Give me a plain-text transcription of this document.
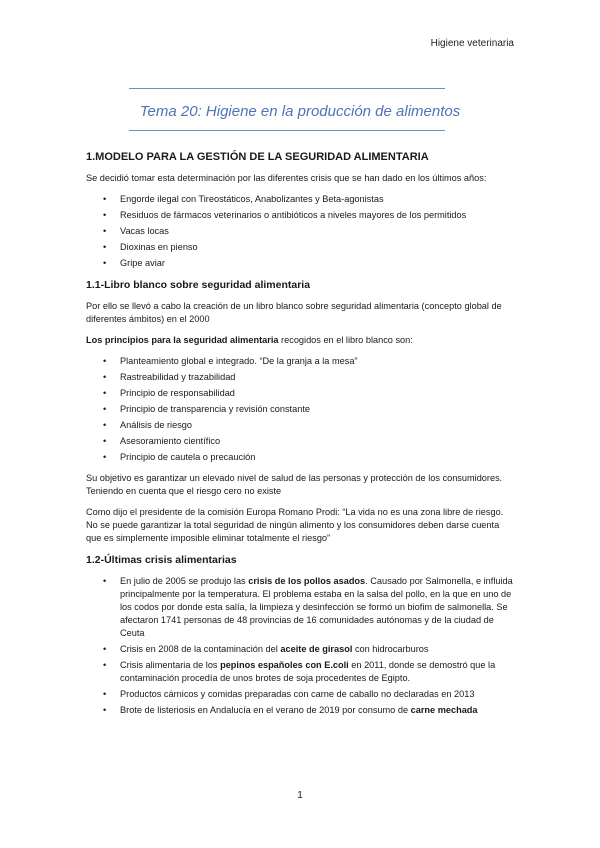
Higiene veterinaria
Tema 20: Higiene en la producción de alimentos
1.MODELO PARA LA GESTIÓN DE LA SEGURIDAD ALIMENTARIA

Se decidió tomar esta determinación por las diferentes crisis que se han dado en los últimos años:

• Engorde ilegal con Tireostáticos, Anabolizantes y Beta-agonistas
• Residuos de fármacos veterinarios o antibióticos a niveles mayores de los permitidos
• Vacas locas
• Dioxinas en pienso
• Gripe aviar
1.1-Libro blanco sobre seguridad alimentaria

Por ello se llevó a cabo la creación de un libro blanco sobre seguridad alimentaria (concepto global de diferentes ámbitos) en el 2000

Los principios para la seguridad alimentaria recogidos en el libro blanco son:

• Planteamiento global e integrado. “De la granja a la mesa”
• Rastreabilidad y trazabilidad
• Principio de responsabilidad
• Principio de transparencia y revisión constante
• Análisis de riesgo
• Asesoramiento científico
• Principio de cautela o precaución

Su objetivo es garantizar un elevado nivel de salud de las personas y protección de los consumidores. Teniendo en cuenta que el riesgo cero no existe

Como dijo el presidente de la comisión Europa Romano Prodi: “La vida no es una zona libre de riesgo. No se puede garantizar la total seguridad de ningún alimento y los consumidores deben darse cuenta que es simplemente imposible eliminar totalmente el riesgo”

1.2-Últimas crisis alimentarias
• En julio de 2005 se produjo las crisis de los pollos asados. Causado por Salmonella, e influida principalmente por la temperatura. El problema estaba en la salsa del pollo, en la que en uno de los codos por donde esta salía, la limpieza y desinfección se formó un biofim de salmonella. Se afectaron 1741 personas de 48 provincias de 16 comunidades autónomas y de la ciudad de Ceuta
• Crisis en 2008 de la contaminación del aceite de girasol con hidrocarburos
• Crisis alimentaria de los pepinos españoles con E.coli en 2011, donde se demostró que la contaminación procedía de unos brotes de soja procedentes de Egipto.
• Productos cárnicos y comidas preparadas con carne de caballo no declaradas en 2013
• Brote de listeriosis en Andalucía en el verano de 2019 por consumo de carne mechada
1
